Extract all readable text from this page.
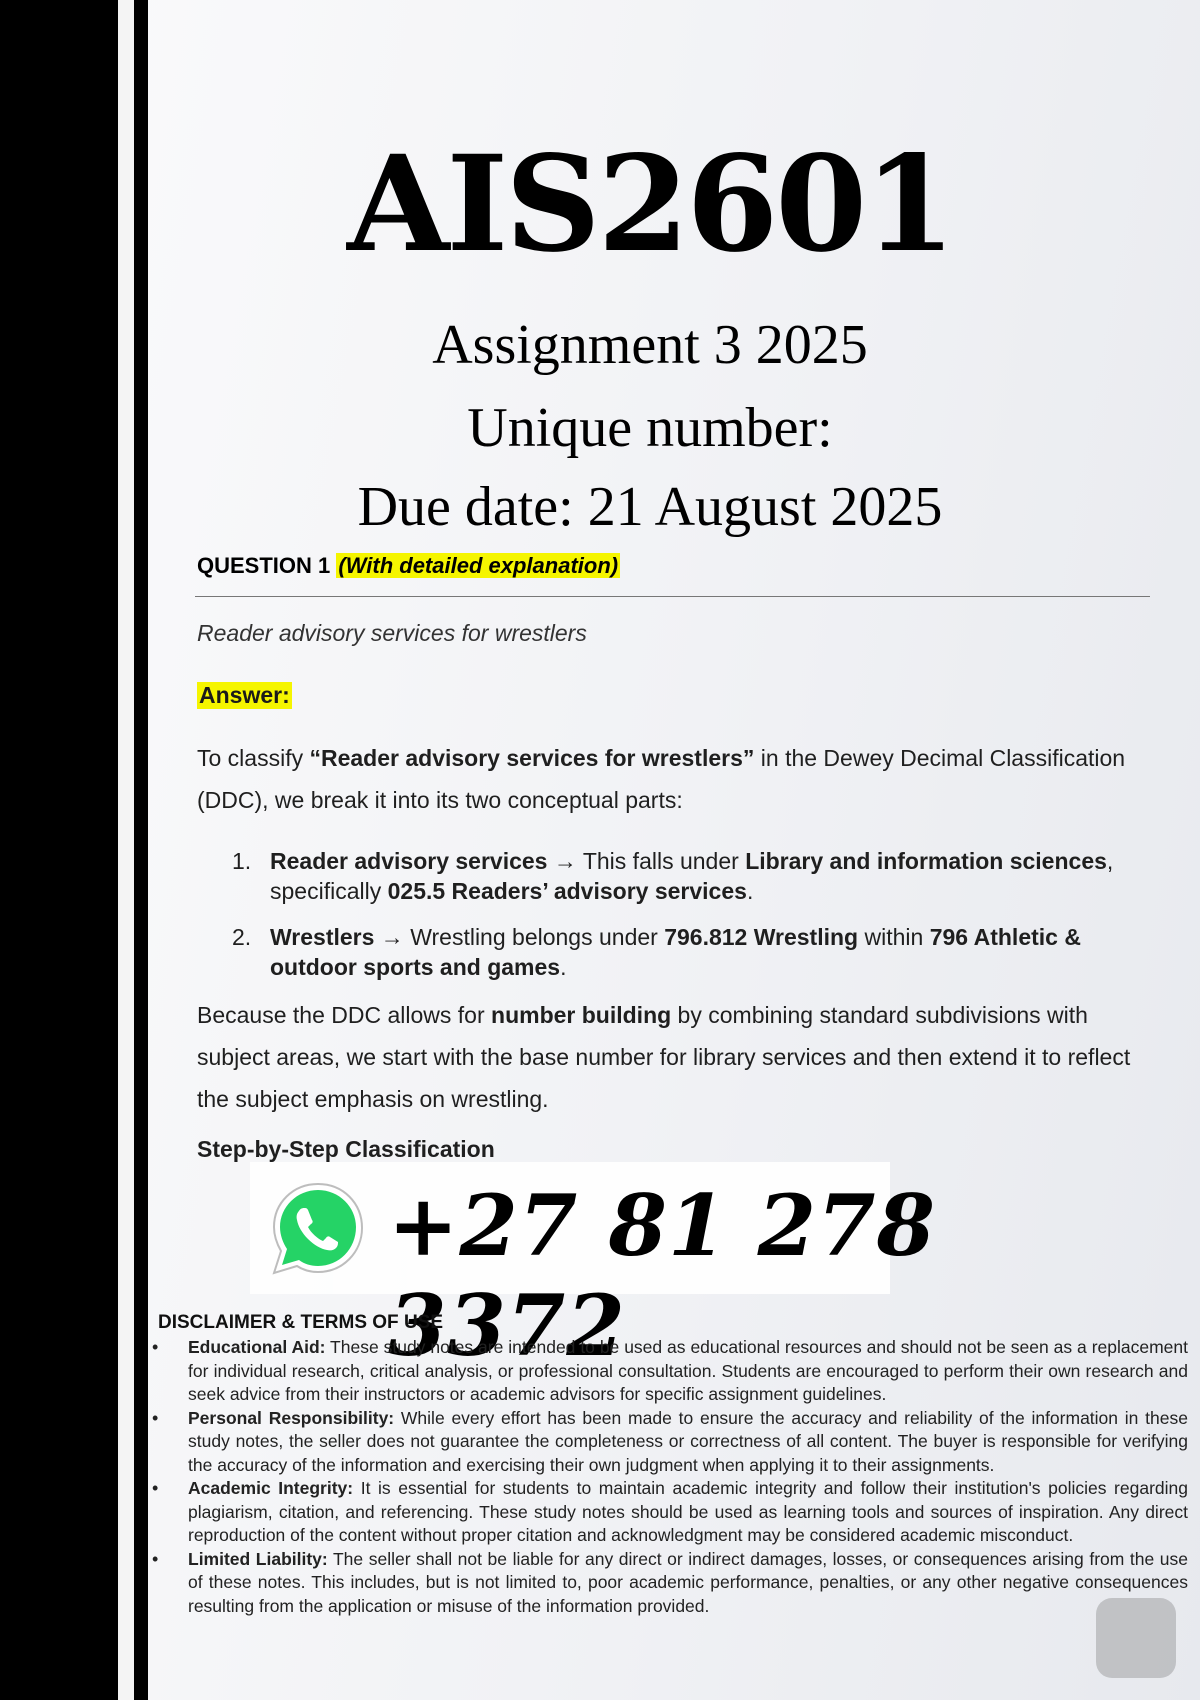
AIS2601
Assignment 3 2025
Unique number:
Due date: 21 August 2025
QUESTION 1 (With detailed explanation)
Reader advisory services for wrestlers
Answer:
To classify “Reader advisory services for wrestlers” in the Dewey Decimal Classification (DDC), we break it into its two conceptual parts:
1. Reader advisory services → This falls under Library and information sciences, specifically 025.5 Readers’ advisory services.
2. Wrestlers → Wrestling belongs under 796.812 Wrestling within 796 Athletic & outdoor sports and games.
Because the DDC allows for number building by combining standard subdivisions with subject areas, we start with the base number for library services and then extend it to reflect the subject emphasis on wrestling.
Step-by-Step Classification
+27 81 278 3372
DISCLAIMER & TERMS OF USE
• Educational Aid: These study notes are intended to be used as educational resources and should not be seen as a replacement for individual research, critical analysis, or professional consultation. Students are encouraged to perform their own research and seek advice from their instructors or academic advisors for specific assignment guidelines.
• Personal Responsibility: While every effort has been made to ensure the accuracy and reliability of the information in these study notes, the seller does not guarantee the completeness or correctness of all content. The buyer is responsible for verifying the accuracy of the information and exercising their own judgment when applying it to their assignments.
• Academic Integrity: It is essential for students to maintain academic integrity and follow their institution's policies regarding plagiarism, citation, and referencing. These study notes should be used as learning tools and sources of inspiration. Any direct reproduction of the content without proper citation and acknowledgment may be considered academic misconduct.
• Limited Liability: The seller shall not be liable for any direct or indirect damages, losses, or consequences arising from the use of these notes. This includes, but is not limited to, poor academic performance, penalties, or any other negative consequences resulting from the application or misuse of the information provided.
